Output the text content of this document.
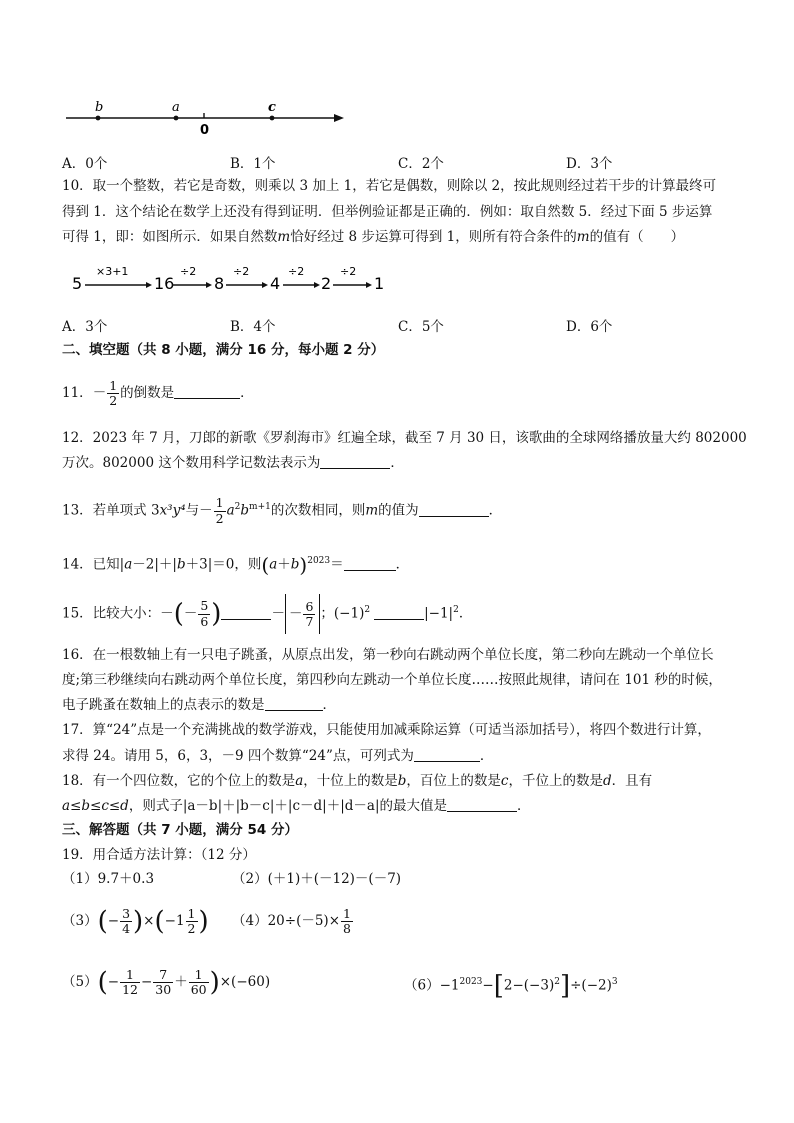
b	a	c
0
A．0个	B．1个	C．2个	D．3个
10．取一个整数，若它是奇数，则乘以 3 加上 1，若它是偶数，则除以 2，按此规则经过若干步的计算最终可
得到 1．这个结论在数学上还没有得到证明．但举例验证都是正确的．例如：取自然数 5．经过下面 5 步运算
可得 1，即：如图所示．如果自然数m恰好经过 8 步运算可得到 1，则所有符合条件的m的值有（　　）
5
×3+1
16
÷2
8
÷2
4
÷2
2
÷2
1
A．3个	B．4个	C．5个	D．6个
二、填空题（共 8 小题，满分 16 分，每小题 2 分）
11．－ $\frac{1}{2}$ 的倒数是	．
12．2023 年 7 月，刀郎的新歌《罗刹海市》红遍全球，截至 7 月 30 日，该歌曲的全球网络播放量大约 802000
万次。802000 这个数用科学记数法表示为	．
13．若单项式 3x³y⁴与－ $\frac{1}{2} a^2b^{m+1}$的次数相同，则m的值为	．
14．已知|a－2|＋|b＋3|＝0，则$(a+b)^{2023}=$	．
15．比较大小：－(－ $\frac{5}{6}$ )	－ － $\frac{6}{7}$ ；$(-1)^2$	$|-1|^2$．
16．在一根数轴上有一只电子跳蚤，从原点出发，第一秒向右跳动两个单位长度，第二秒向左跳动一个单位长
度;第三秒继续向右跳动两个单位长度，第四秒向左跳动一个单位长度……按照此规律，请问在 101 秒的时候，
电子跳蚤在数轴上的点表示的数是	．
17．算“24”点是一个充满挑战的数学游戏，只能使用加减乘除运算（可适当添加括号），将四个数进行计算，
求得 24。请用 5，6，3，－9 四个数算“24”点，可列式为	．
18．有一个四位数，它的个位上的数是a，十位上的数是b，百位上的数是c，千位上的数是d．且有
a≤b≤c≤d，则式子|a－b|＋|b－c|＋|c－d|＋|d－a|的最大值是	．
三、解答题（共 7 小题，满分 54 分）
19．用合适方法计算：（12 分）
（1）9.7＋0.3	（2）(＋1)＋(－12)－(－7)
$(3)(- \frac{3}{4} )\times(-1 \frac{1}{2}$ ) $(4)20\div(-5)\times \frac{1}{8}$
$(5)(- \frac{1}{12} - \frac{7}{30} + \frac{1}{60} )\times(-60)$	$(6)-1^{2023}-[2-(-3)^2]\div(-2)^3$
